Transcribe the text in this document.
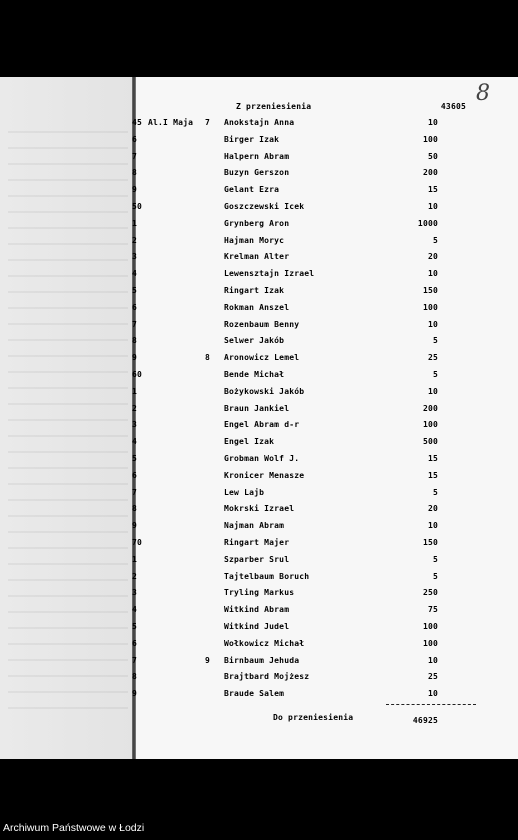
8
Z przeniesienia	43605
45 Al.I Maja 7 Anokstajn Anna	10
6	Birger Izak	100
7	Halpern Abram	50
8	Buzyn Gerszon	200
9	Gelant Ezra	15
50	Goszczewski Icek	10
1	Grynberg Aron	1000
2	Hajman Moryc	5
3	Krelman Alter	20
4	Lewensztajn Izrael	10
5	Ringart Izak	150
6	Rokman Anszel	100
7	Rozenbaum Benny	10
8	Selwer Jakób	5
9	8 Aronowicz Lemel	25
60	Bende Michał	5
1	Bożykowski Jakób	10
2	Braun Jankiel	200
3	Engel Abram d-r	100
4	Engel Izak	500
5	Grobman Wolf J.	15
6	Kronicer Menasze	15
7	Lew Lajb	5
8	Mokrski Izrael	20
9	Najman Abram	10
70	Ringart Majer	150
1	Szparber Srul	5
2	Tajtelbaum Boruch	5
3	Tryling Markus	250
4	Witkind Abram	75
5	Witkind Judel	100
6	Wołkowicz Michał	100
7	9 Birnbaum Jehuda	10
8	Brajtbard Mojżesz	25
9	Braude Salem	10
Do przeniesienia	46925
Archiwum Państwowe w Łodzi
